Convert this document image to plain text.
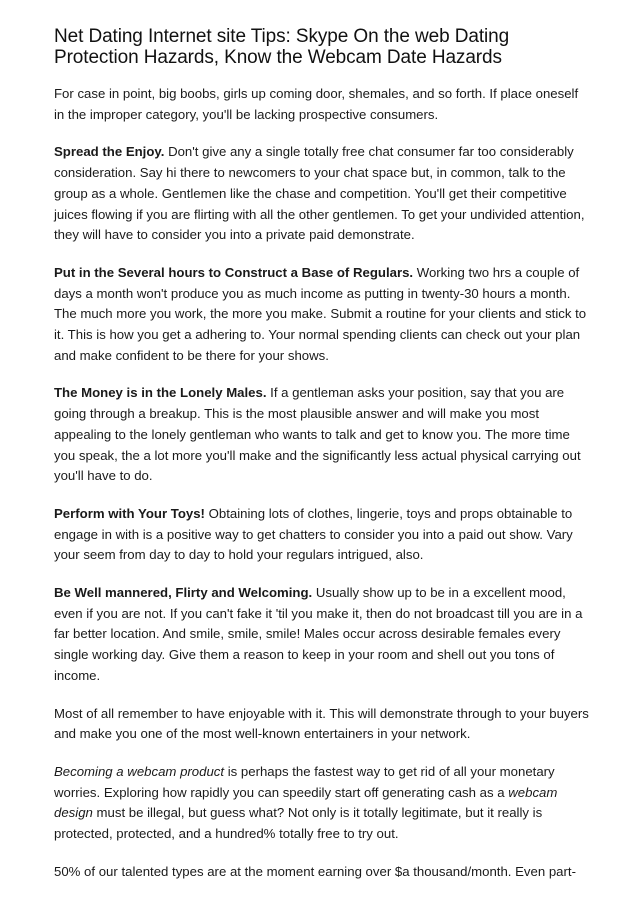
Net Dating Internet site Tips: Skype On the web Dating
Protection Hazards, Know the Webcam Date Hazards

For case in point, big boobs, girls up coming door, shemales, and so forth. If place oneself in the improper category, you'll be lacking prospective consumers.

Spread the Enjoy. Don't give any a single totally free chat consumer far too considerably consideration. Say hi there to newcomers to your chat space but, in common, talk to the group as a whole. Gentlemen like the chase and competition. You'll get their competitive juices flowing if you are flirting with all the other gentlemen. To get your undivided attention, they will have to consider you into a private paid demonstrate.

Put in the Several hours to Construct a Base of Regulars. Working two hrs a couple of days a month won't produce you as much income as putting in twenty-30 hours a month. The much more you work, the more you make. Submit a routine for your clients and stick to it. This is how you get a adhering to. Your normal spending clients can check out your plan and make confident to be there for your shows.

The Money is in the Lonely Males. If a gentleman asks your position, say that you are going through a breakup. This is the most plausible answer and will make you most appealing to the lonely gentleman who wants to talk and get to know you. The more time you speak, the a lot more you'll make and the significantly less actual physical carrying out you'll have to do.

Perform with Your Toys! Obtaining lots of clothes, lingerie, toys and props obtainable to engage in with is a positive way to get chatters to consider you into a paid out show. Vary your seem from day to day to hold your regulars intrigued, also.

Be Well mannered, Flirty and Welcoming. Usually show up to be in a excellent mood, even if you are not. If you can't fake it 'til you make it, then do not broadcast till you are in a far better location. And smile, smile, smile! Males occur across desirable females every single working day. Give them a reason to keep in your room and shell out you tons of income.

Most of all remember to have enjoyable with it. This will demonstrate through to your buyers and make you one of the most well-known entertainers in your network.

Becoming a webcam product is perhaps the fastest way to get rid of all your monetary worries. Exploring how rapidly you can speedily start off generating cash as a webcam design must be illegal, but guess what? Not only is it totally legitimate, but it really is protected, protected, and a hundred% totally free to try out.

50% of our talented types are at the moment earning over $a thousand/month. Even part-
